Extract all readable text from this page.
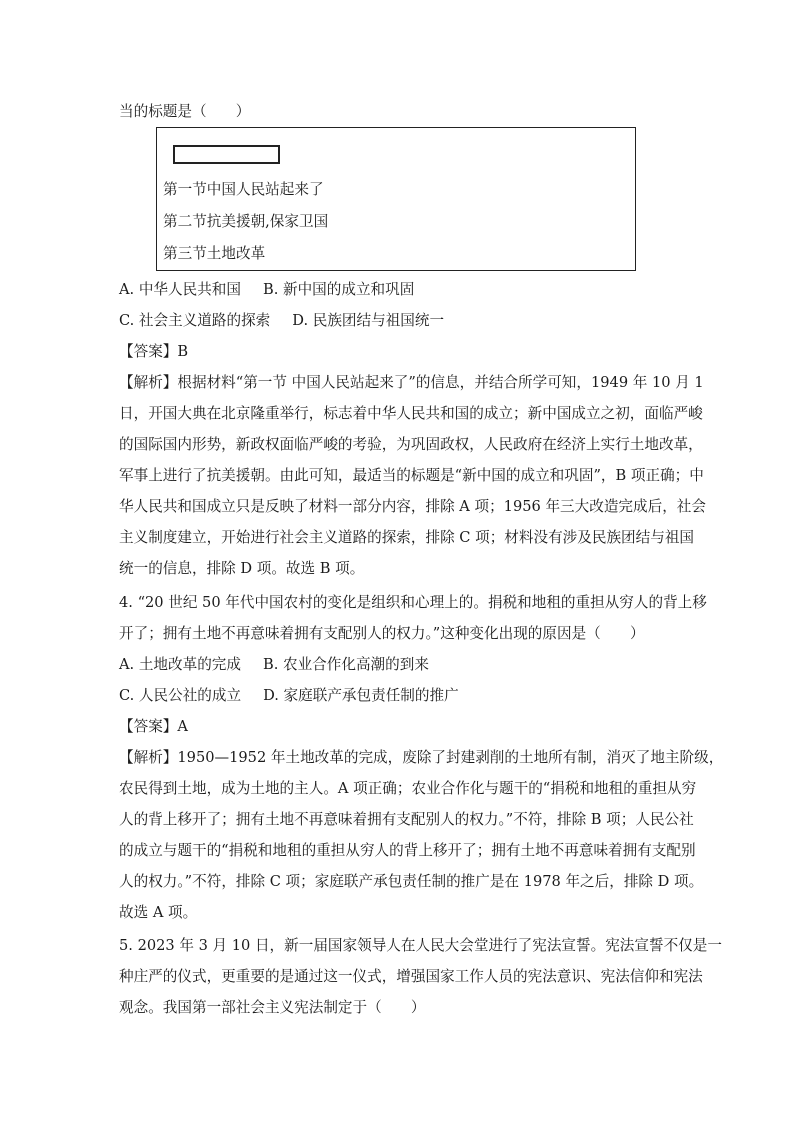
当的标题是（　　）
第一节中国人民站起来了
第二节抗美援朝,保家卫国
第三节土地改革
A. 中华人民共和国 B. 新中国的成立和巩固
C. 社会主义道路的探索 D. 民族团结与祖国统一
【答案】B
【解析】根据材料“第一节 中国人民站起来了”的信息，并结合所学可知，1949 年 10 月 1
日，开国大典在北京隆重举行，标志着中华人民共和国的成立；新中国成立之初，面临严峻
的国际国内形势，新政权面临严峻的考验，为巩固政权，人民政府在经济上实行土地改革，
军事上进行了抗美援朝。由此可知，最适当的标题是“新中国的成立和巩固”，B 项正确；中
华人民共和国成立只是反映了材料一部分内容，排除 A 项；1956 年三大改造完成后，社会
主义制度建立，开始进行社会主义道路的探索，排除 C 项；材料没有涉及民族团结与祖国
统一的信息，排除 D 项。故选 B 项。
4. “20 世纪 50 年代中国农村的变化是组织和心理上的。捐税和地租的重担从穷人的背上移
开了；拥有土地不再意味着拥有支配别人的权力。”这种变化出现的原因是（　　）
A. 土地改革的完成 B. 农业合作化高潮的到来
C. 人民公社的成立 D. 家庭联产承包责任制的推广
【答案】A
【解析】1950—1952 年土地改革的完成，废除了封建剥削的土地所有制，消灭了地主阶级，
农民得到土地，成为土地的主人。A 项正确；农业合作化与题干的“捐税和地租的重担从穷
人的背上移开了；拥有土地不再意味着拥有支配别人的权力。”不符，排除 B 项；人民公社
的成立与题干的“捐税和地租的重担从穷人的背上移开了；拥有土地不再意味着拥有支配别
人的权力。”不符，排除 C 项；家庭联产承包责任制的推广是在 1978 年之后，排除 D 项。
故选 A 项。
5. 2023 年 3 月 10 日，新一届国家领导人在人民大会堂进行了宪法宣誓。宪法宣誓不仅是一
种庄严的仪式，更重要的是通过这一仪式，增强国家工作人员的宪法意识、宪法信仰和宪法
观念。我国第一部社会主义宪法制定于（　　）
